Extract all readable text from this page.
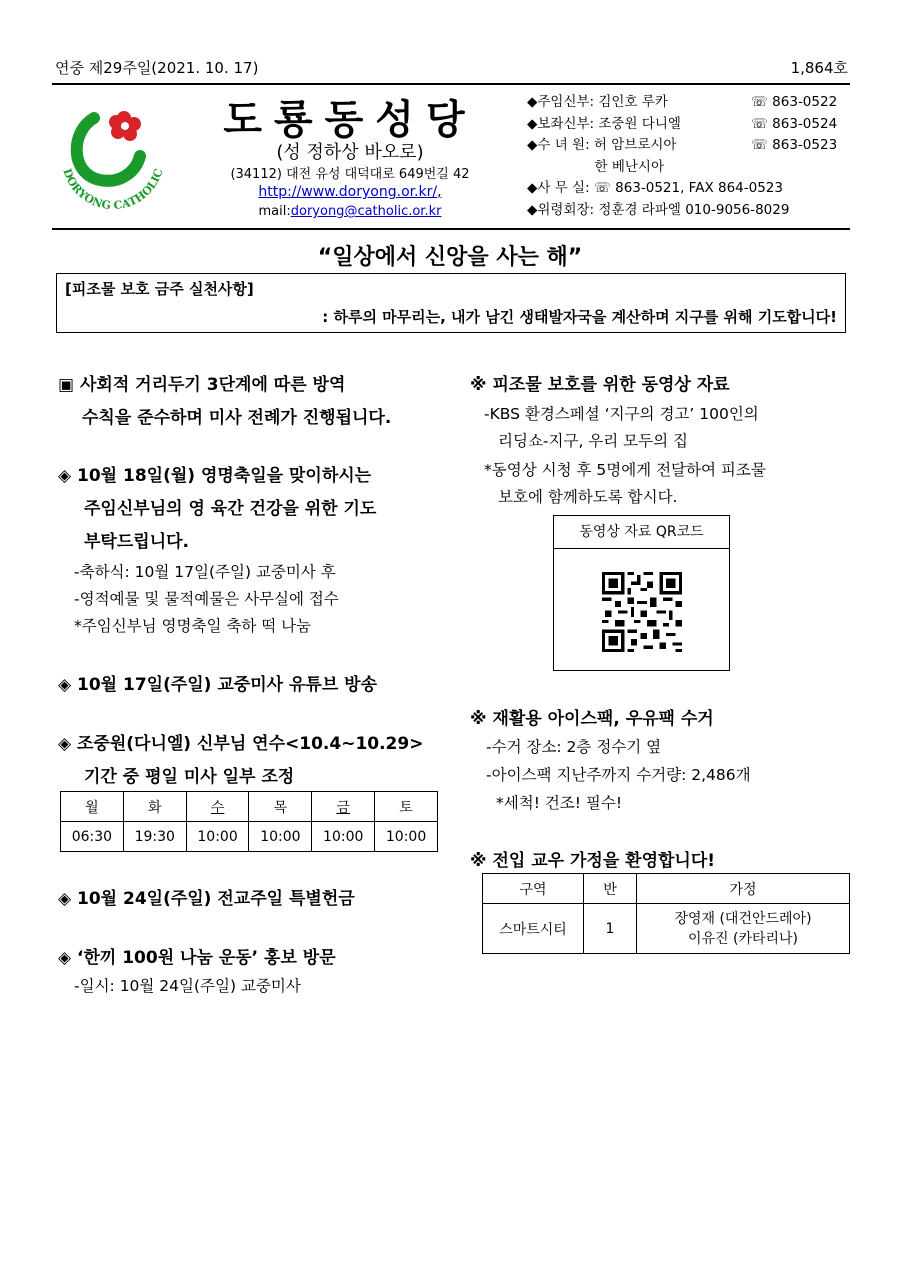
연중 제29주일(2021. 10. 17)	1,864호
DORYONG CATHOLIC
도룡동성당
(성 정하상 바오로)
(34112) 대전 유성 대덕대로 649번길 42
http://www.doryong.or.kr/,
mail:doryong@catholic.or.kr
◆주임신부: 김인호 루카	☏ 863-0522
◆보좌신부: 조중원 다니엘	☏ 863-0524
◆수 녀 원: 허 암브로시아	☏ 863-0523
　　　　　한 베난시아
◆사 무 실: ☏ 863-0521, FAX 864-0523
◆위령회장: 정훈경 라파엘 010-9056-8029
“일상에서 신앙을 사는 해”
[피조물 보호 금주 실천사항]
: 하루의 마무리는, 내가 남긴 생태발자국을 계산하며 지구를 위해 기도합니다!
▣ 사회적 거리두기 3단계에 따른 방역
수칙을 준수하며 미사 전례가 진행됩니다.
◈ 10월 18일(월) 영명축일을 맞이하시는
주임신부님의 영 육간 건강을 위한 기도
부탁드립니다.
-축하식: 10월 17일(주일) 교중미사 후
-영적예물 및 물적예물은 사무실에 접수
*주임신부님 영명축일 축하 떡 나눔
◈ 10월 17일(주일) 교중미사 유튜브 방송
◈ 조중원(다니엘) 신부님 연수<10.4~10.29>
기간 중 평일 미사 일부 조정
월	화	수	목	금	토
06:30	19:30	10:00	10:00	10:00	10:00
◈ 10월 24일(주일) 전교주일 특별헌금
◈ ‘한끼 100원 나눔 운동’ 홍보 방문
-일시: 10월 24일(주일) 교중미사
※ 피조물 보호를 위한 동영상 자료
-KBS 환경스페셜 ‘지구의 경고’ 100인의
리딩쇼-지구, 우리 모두의 집
*동영상 시청 후 5명에게 전달하여 피조물
보호에 함께하도록 합시다.
동영상 자료 QR코드
※ 재활용 아이스팩, 우유팩 수거
-수거 장소: 2층 정수기 옆
-아이스팩 지난주까지 수거량: 2,486개
*세척! 건조! 필수!
※ 전입 교우 가정을 환영합니다!
구역	반	가정
스마트시티	1	장영재 (대건안드레아)
이유진 (카타리나)
